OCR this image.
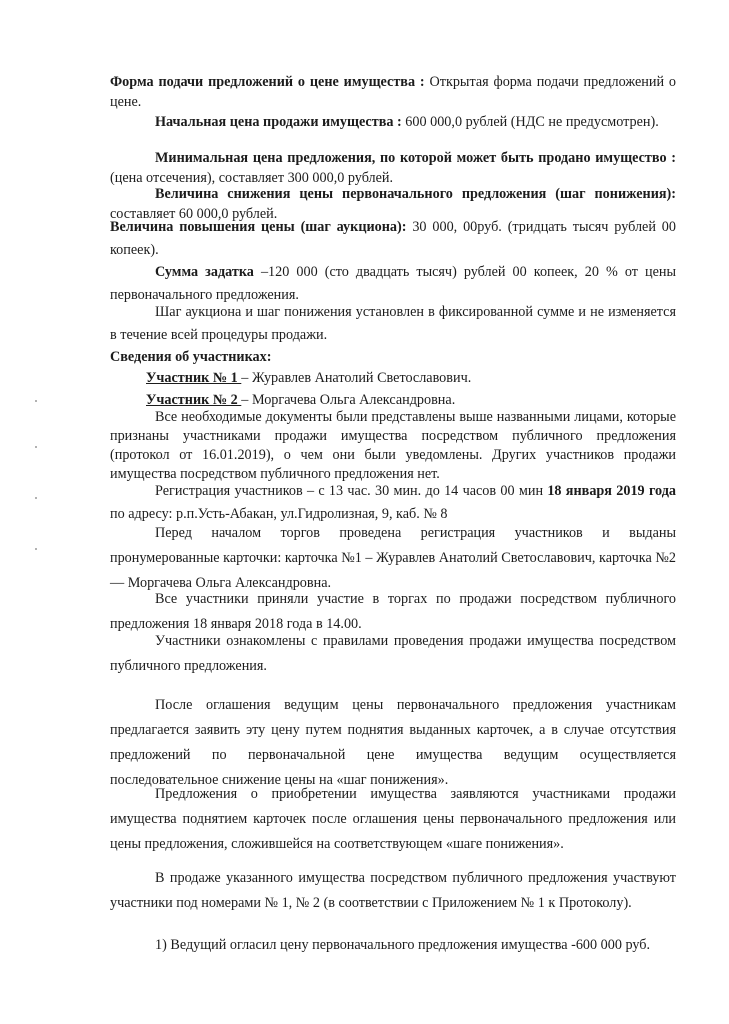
Форма подачи предложений о цене имущества : Открытая форма подачи предложений о цене.

Начальная цена продажи имущества : 600 000,0 рублей (НДС не предусмотрен).

Минимальная цена предложения, по которой может быть продано имущество : (цена отсечения), составляет 300 000,0 рублей.

Величина снижения цены первоначального предложения (шаг понижения): составляет 60 000,0 рублей.

Величина повышения цены (шаг аукциона): 30 000, 00руб. (тридцать тысяч рублей 00 копеек).

Сумма задатка –120 000 (сто двадцать тысяч) рублей 00 копеек, 20 % от цены первоначального предложения.

Шаг аукциона и шаг понижения установлен в фиксированной сумме и не изменяется в течение всей процедуры продажи.

Сведения об участниках:

Участник № 1 – Журавлев Анатолий Светославович.

Участник № 2 – Моргачева Ольга Александровна.

Все необходимые документы были представлены выше названными лицами, которые признаны участниками продажи имущества посредством публичного предложения (протокол от 16.01.2019), о чем они были уведомлены. Других участников продажи имущества посредством публичного предложения нет.

Регистрация участников – с 13 час. 30 мин. до 14 часов 00 мин 18 января 2019 года по адресу: р.п.Усть-Абакан, ул.Гидролизная, 9, каб. № 8

Перед началом торгов проведена регистрация участников и выданы пронумерованные карточки: карточка №1 – Журавлев Анатолий Светославович, карточка №2 — Моргачева Ольга Александровна.

Все участники приняли участие в торгах по продажи посредством публичного предложения 18 января 2018 года в 14.00.

Участники ознакомлены с правилами проведения продажи имущества посредством публичного предложения.

После оглашения ведущим цены первоначального предложения участникам предлагается заявить эту цену путем поднятия выданных карточек, а в случае отсутствия предложений по первоначальной цене имущества ведущим осуществляется последовательное снижение цены на «шаг понижения».

Предложения о приобретении имущества заявляются участниками продажи имущества поднятием карточек после оглашения цены первоначального предложения или цены предложения, сложившейся на соответствующем «шаге понижения».

В продаже указанного имущества посредством публичного предложения участвуют участники под номерами № 1, № 2 (в соответствии с Приложением № 1 к Протоколу).

1) Ведущий огласил цену первоначального предложения имущества -600 000 руб.
